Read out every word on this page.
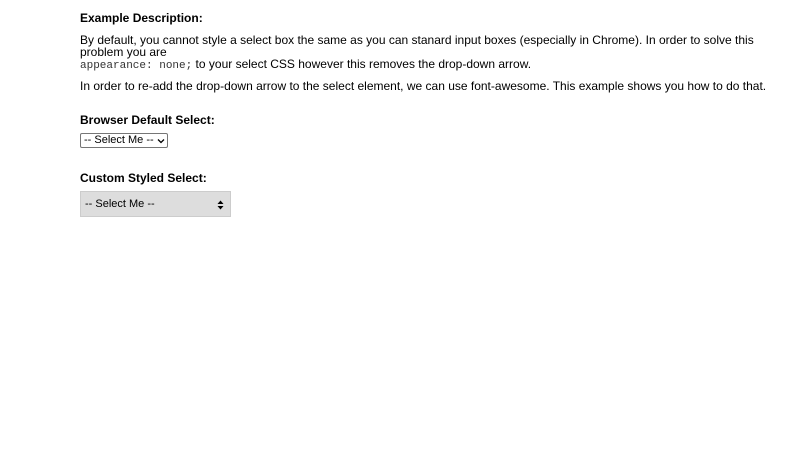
Example Description:

By default, you cannot style a select box the same as you can stanard input boxes (especially in Chrome). In order to solve this problem you are
appearance: none; to your select CSS however this removes the drop-down arrow.

In order to re-add the drop-down arrow to the select element, we can use font-awesome. This example shows you how to do that.

Browser Default Select:
-- Select Me --
Custom Styled Select:
-- Select Me --
